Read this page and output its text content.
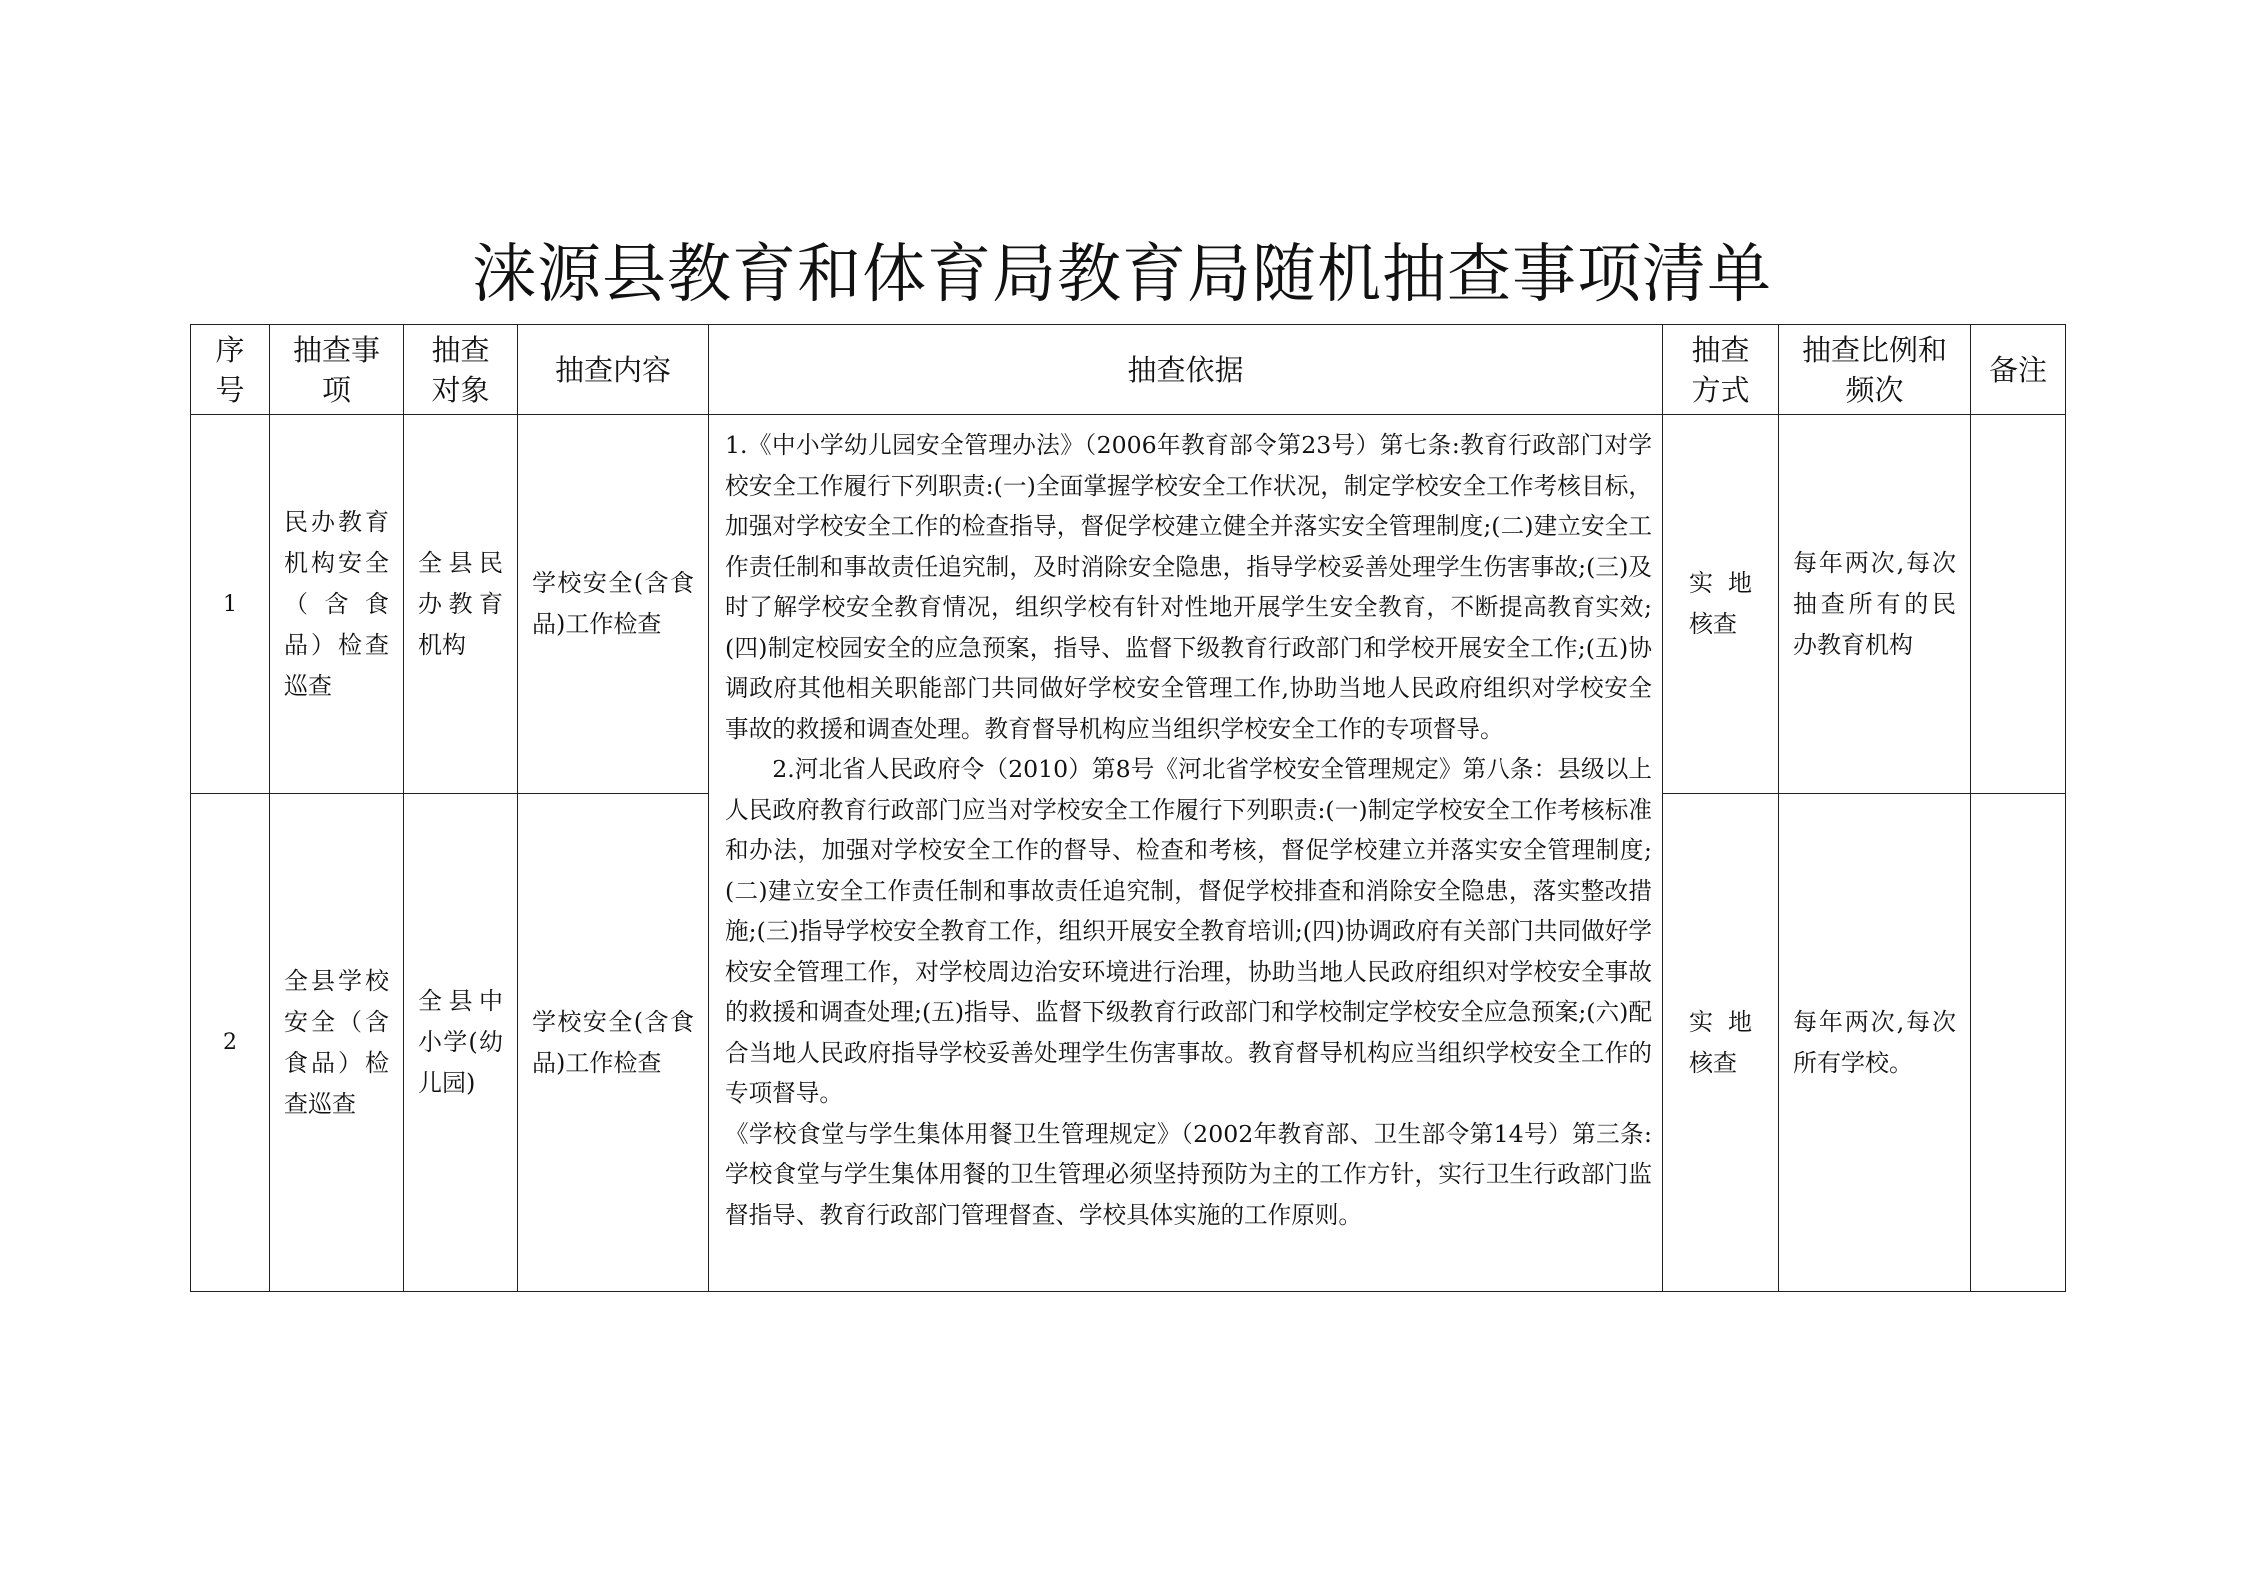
涞源县教育和体育局教育局随机抽查事项清单
序号	抽查事项	抽查对象	抽查内容	抽查依据	抽查方式	抽查比例和频次	备注
1	民办教育机构安全（含食品）检查巡查	全县民办教育机构	学校安全(含食品)工作检查	1.《中小学幼儿园安全管理办法》（2006年教育部令第23号）第七条:教育行政部门对学校安全工作履行下列职责:(一)全面掌握学校安全工作状况，制定学校安全工作考核目标，加强对学校安全工作的检查指导，督促学校建立健全并落实安全管理制度;(二)建立安全工作责任制和事故责任追究制，及时消除安全隐患，指导学校妥善处理学生伤害事故;(三)及时了解学校安全教育情况，组织学校有针对性地开展学生安全教育，不断提高教育实效;(四)制定校园安全的应急预案，指导、监督下级教育行政部门和学校开展安全工作;(五)协调政府其他相关职能部门共同做好学校安全管理工作,协助当地人民政府组织对学校安全事故的救援和调查处理。教育督导机构应当组织学校安全工作的专项督导。

2.河北省人民政府令（2010）第8号《河北省学校安全管理规定》第八条：县级以上人民政府教育行政部门应当对学校安全工作履行下列职责:(一)制定学校安全工作考核标准和办法，加强对学校安全工作的督导、检查和考核，督促学校建立并落实安全管理制度;(二)建立安全工作责任制和事故责任追究制，督促学校排查和消除安全隐患，落实整改措施;(三)指导学校安全教育工作，组织开展安全教育培训;(四)协调政府有关部门共同做好学校安全管理工作，对学校周边治安环境进行治理，协助当地人民政府组织对学校安全事故的救援和调查处理;(五)指导、监督下级教育行政部门和学校制定学校安全应急预案;(六)配合当地人民政府指导学校妥善处理学生伤害事故。教育督导机构应当组织学校安全工作的专项督导。

《学校食堂与学生集体用餐卫生管理规定》（2002年教育部、卫生部令第14号）第三条:学校食堂与学生集体用餐的卫生管理必须坚持预防为主的工作方针，实行卫生行政部门监督指导、教育行政部门管理督查、学校具体实施的工作原则。	实地核查	每年两次,每次抽查所有的民办教育机构	

2	全县学校安全（含食品）检查巡查	全县中小学(幼儿园)	学校安全(含食品)工作检查		实地核查	每年两次,每次所有学校。	
